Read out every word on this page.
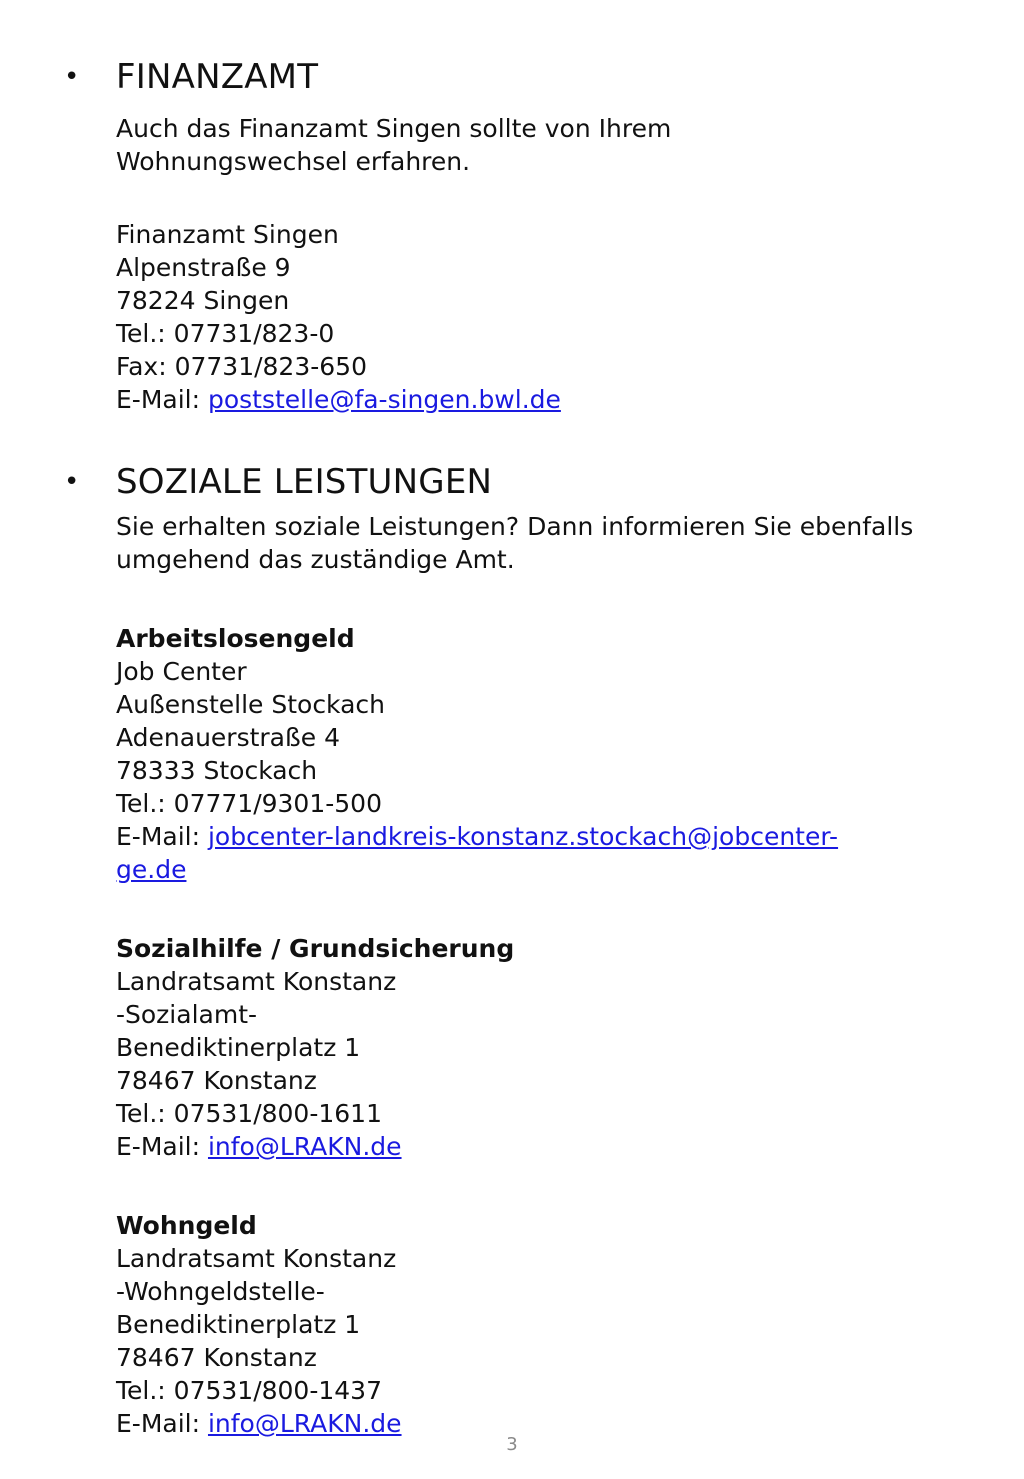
• FINANZAMT
Auch das Finanzamt Singen sollte von Ihrem
Wohnungswechsel erfahren.
Finanzamt Singen
Alpenstraße 9
78224 Singen
Tel.: 07731/823-0
Fax: 07731/823-650
E-Mail: poststelle@fa-singen.bwl.de
• SOZIALE LEISTUNGEN
Sie erhalten soziale Leistungen? Dann informieren Sie ebenfalls
umgehend das zuständige Amt.
Arbeitslosengeld
Job Center
Außenstelle Stockach
Adenauerstraße 4
78333 Stockach
Tel.: 07771/9301-500
E-Mail: jobcenter-landkreis-konstanz.stockach@jobcenter-
ge.de
Sozialhilfe / Grundsicherung
Landratsamt Konstanz
-Sozialamt-
Benediktinerplatz 1
78467 Konstanz
Tel.: 07531/800-1611
E-Mail: info@LRAKN.de
Wohngeld
Landratsamt Konstanz
-Wohngeldstelle-
Benediktinerplatz 1
78467 Konstanz
Tel.: 07531/800-1437
E-Mail: info@LRAKN.de
3
